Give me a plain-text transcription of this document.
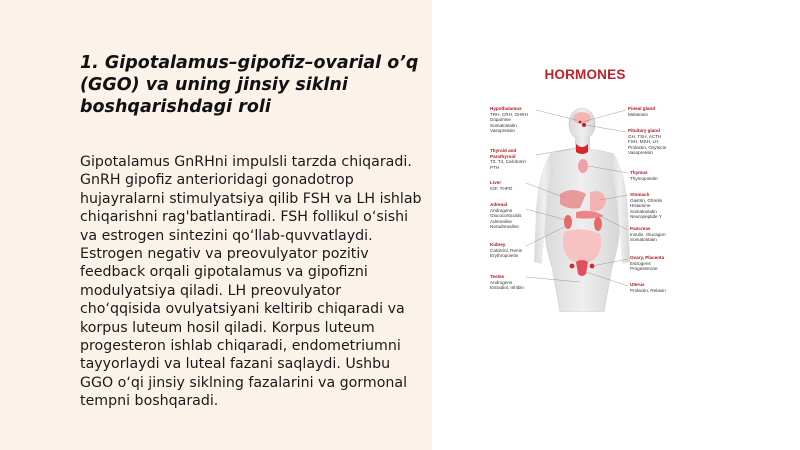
1. Gipotalamus–gipofiz–ovarial o’q (GGO) va uning jinsiy siklni boshqarishdagi roli

Gipotalamus GnRHni impulsli tarzda chiqaradi. GnRH gipofiz anterioridagi gonadotrop hujayralarni stimulyatsiya qilib FSH va LH ishlab chiqarishni rag'batlantiradi. FSH follikul o‘sishi va estrogen sintezini qo‘llab-quvvatlaydi. Estrogen negativ va preovulyator pozitiv feedback orqali gipotalamus va gipofizni modulyatsiya qiladi. LH preovulyator cho‘qqisida ovulyatsiyani keltirib chiqaradi va korpus luteum hosil qiladi. Korpus luteum progesteron ishlab chiqaradi, endometriumni tayyorlaydi va luteal fazani saqlaydi. Ushbu GGO o‘qi jinsiy siklning fazalarini va gormonal tempni boshqaradi.

HORMONES
Hypothalamus
TRH, CRH, GHRH
Dopamine
Somatostatin
Vasopressin
Thyroid and Parathyroid
T3, T4, Calcitonin
PTH
Liver
IGF, THPO
Adrenal
Androgens
Glucocorticoids
Adrenaline
Noradrenaline
Kidney
Calcitriol, Renin
Erythropoietin
Testes
Androgens
Estradiol, Inhibin
Pineal gland
Melatonin
Pituitary gland
GH, TSH, ACTH
FSH, MSH, LH
Prolactin, Oxytocin
Vasopressin
Thymus
Thymopoietin
Stomach
Gastrin, Ghrelin
Histamine
Somatostatin
Neuropeptide Y
Pancreas
Insulin, Glucagon
Somatostatin
Ovary, Placenta
Estrogens
Progesterone
Uterus
Prolactin, Relaxin
